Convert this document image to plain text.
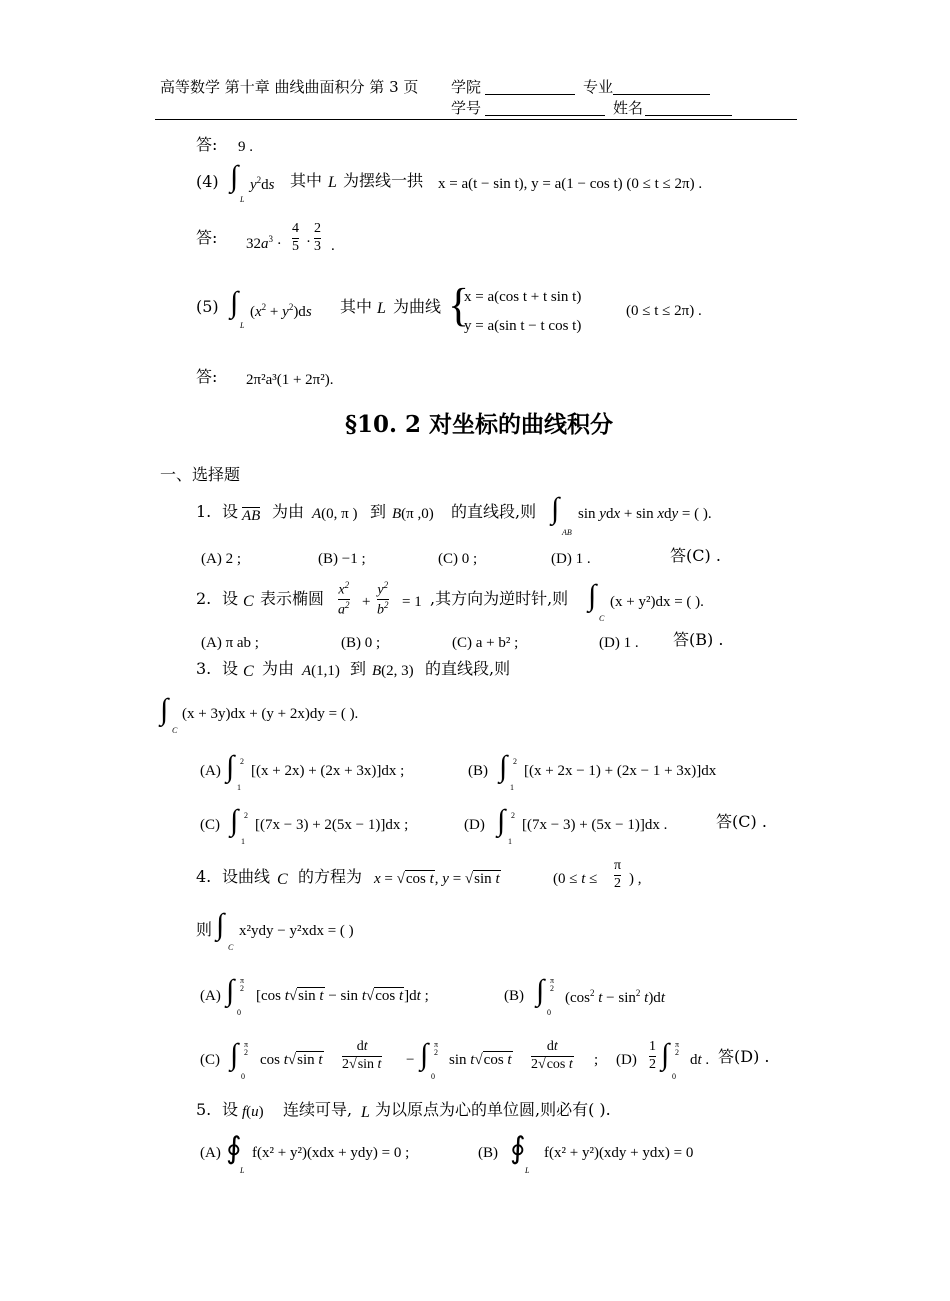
高等数学 第十章 曲线曲面积分 第 3 页 学院	专业
学号	姓名
答: 9 .
(4) ∫
L
$y^2ds$ 其中 L 为摆线一拱 x = a(t − sin t), y = a(1 − cos t) (0 ≤ t ≤ 2π) .
答: $32a^3 \cdot \frac{4}{5} \cdot \frac{2}{3}$ .
(5) ∫
L
$(x^2 + y^2)ds$ 其中 L 为曲线 {
x = a(cos t + t sin t)
y = a(sin t − t cos t)
(0 ≤ t ≤ 2π) .
答: 2π²a³(1 + 2π²).
§10. 2 对坐标的曲线积分
一、选择题
1. 设 AB 为由 A(0, π ) 到 B(π ,0) 的直线段,则 ∫
AB
sin ydx + sin xdy = ( ).
(A) 2 ;	(B) −1 ;	(C) 0 ;	(D) 1 .	答(C) .
2. 设 C 表示椭圆 $\frac{x^2}{a^2} + \frac{y^2}{b^2} = 1$ ,其方向为逆时针,则 ∫
C
(x + y²)dx = ( ).
(A) π ab ;	(B) 0 ;	(C) a + b² ;	(D) 1 . 答(B) .
3. 设 C 为由 A(1,1) 到 B(2, 3) 的直线段,则
∫
C
(x + 3y)dx + (y + 2x)dy = ( ).
(A) ∫ 2
1
[(x + 2x) + (2x + 3x)]dx ;	(B) ∫ 2
1
[(x + 2x − 1) + (2x − 1 + 3x)]dx
(C) ∫ 2
1
[(7x − 3) + 2(5x − 1)]dx ;	(D) ∫ 2
1
[(7x − 3) + (5x − 1)]dx .	答(C) .
4. 设曲线 C 的方程为 x = √cos t, y = √sin t	($0 \le t \le \frac{\pi}{2}$ ) ,
则 ∫
C
x²ydy − y²xdx = ( )
(A) ∫ π
2
0
[cos t√sin t − sin t√cos t]dt ;	(B) ∫ π
2
0
($\cos^2$ $t - \sin^2 t)dt$
(C) ∫ π
2
0
cos t√sin t $\frac{dt}{\text{2√sin t}}$ − ∫ π
2
0
sin t√cos t $\frac{dt}{\text{2√cos t}}$ ; $(D) \frac{1}{2}$ ∫ π
2
0
dt . 答(D) .
5. 设 f(u) 连续可导, L 为以原点为心的单位圆,则必有( ).
(A) ∮
L
f(x² + y²)(xdx + ydy) = 0 ;	(B) ∮
L
f(x² + y²)(xdy + ydx) = 0
